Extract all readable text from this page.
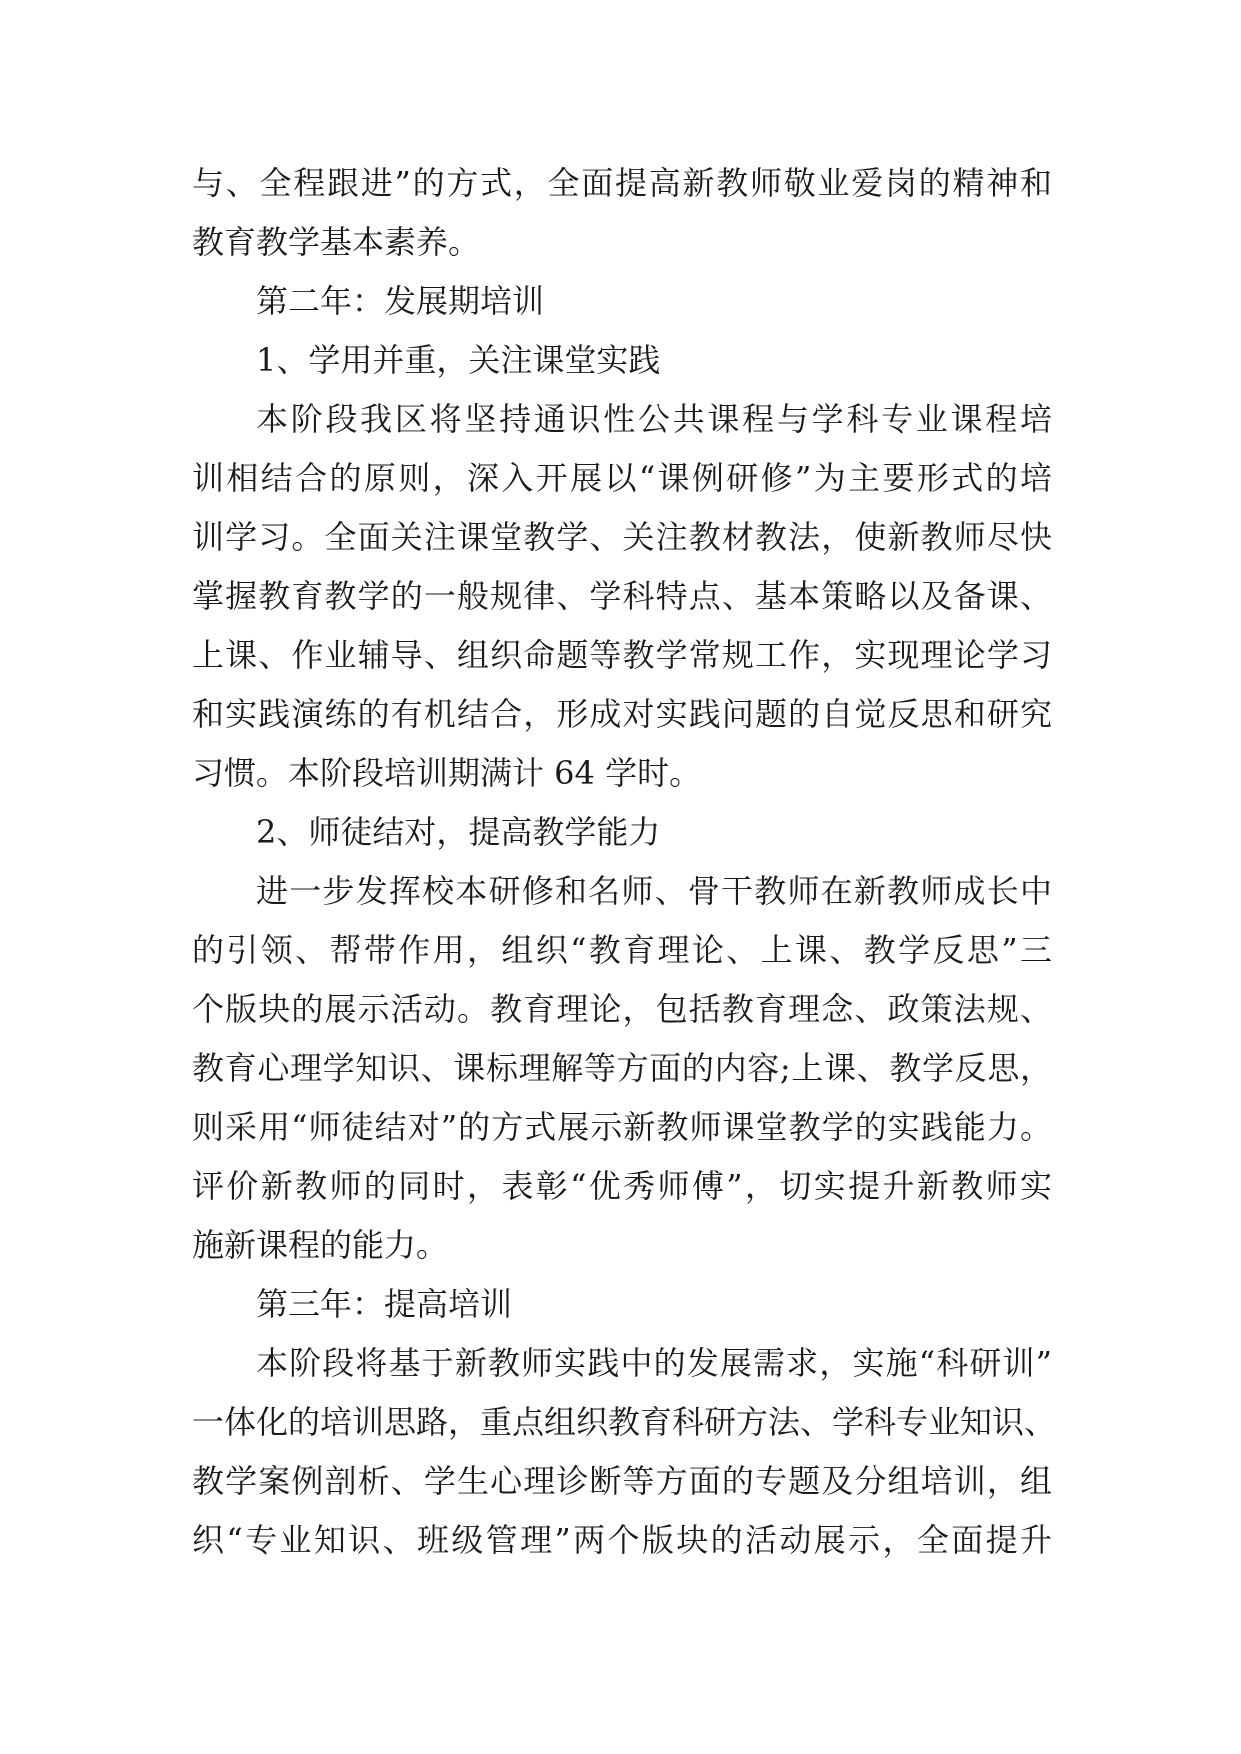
与、全程跟进”的方式，全面提高新教师敬业爱岗的精神和
教育教学基本素养。
第二年：发展期培训
1、学用并重，关注课堂实践
本阶段我区将坚持通识性公共课程与学科专业课程培
训相结合的原则，深入开展以“课例研修”为主要形式的培
训学习。全面关注课堂教学、关注教材教法，使新教师尽快
掌握教育教学的一般规律、学科特点、基本策略以及备课、
上课、作业辅导、组织命题等教学常规工作，实现理论学习
和实践演练的有机结合，形成对实践问题的自觉反思和研究
习惯。本阶段培训期满计 64 学时。
2、师徒结对，提高教学能力
进一步发挥校本研修和名师、骨干教师在新教师成长中
的引领、帮带作用，组织“教育理论、上课、教学反思”三
个版块的展示活动。教育理论，包括教育理念、政策法规、
教育心理学知识、课标理解等方面的内容;上课、教学反思，
则采用“师徒结对”的方式展示新教师课堂教学的实践能力。
评价新教师的同时，表彰“优秀师傅”，切实提升新教师实
施新课程的能力。
第三年：提高培训
本阶段将基于新教师实践中的发展需求，实施“科研训”
一体化的培训思路，重点组织教育科研方法、学科专业知识、
教学案例剖析、学生心理诊断等方面的专题及分组培训，组
织“专业知识、班级管理”两个版块的活动展示，全面提升
